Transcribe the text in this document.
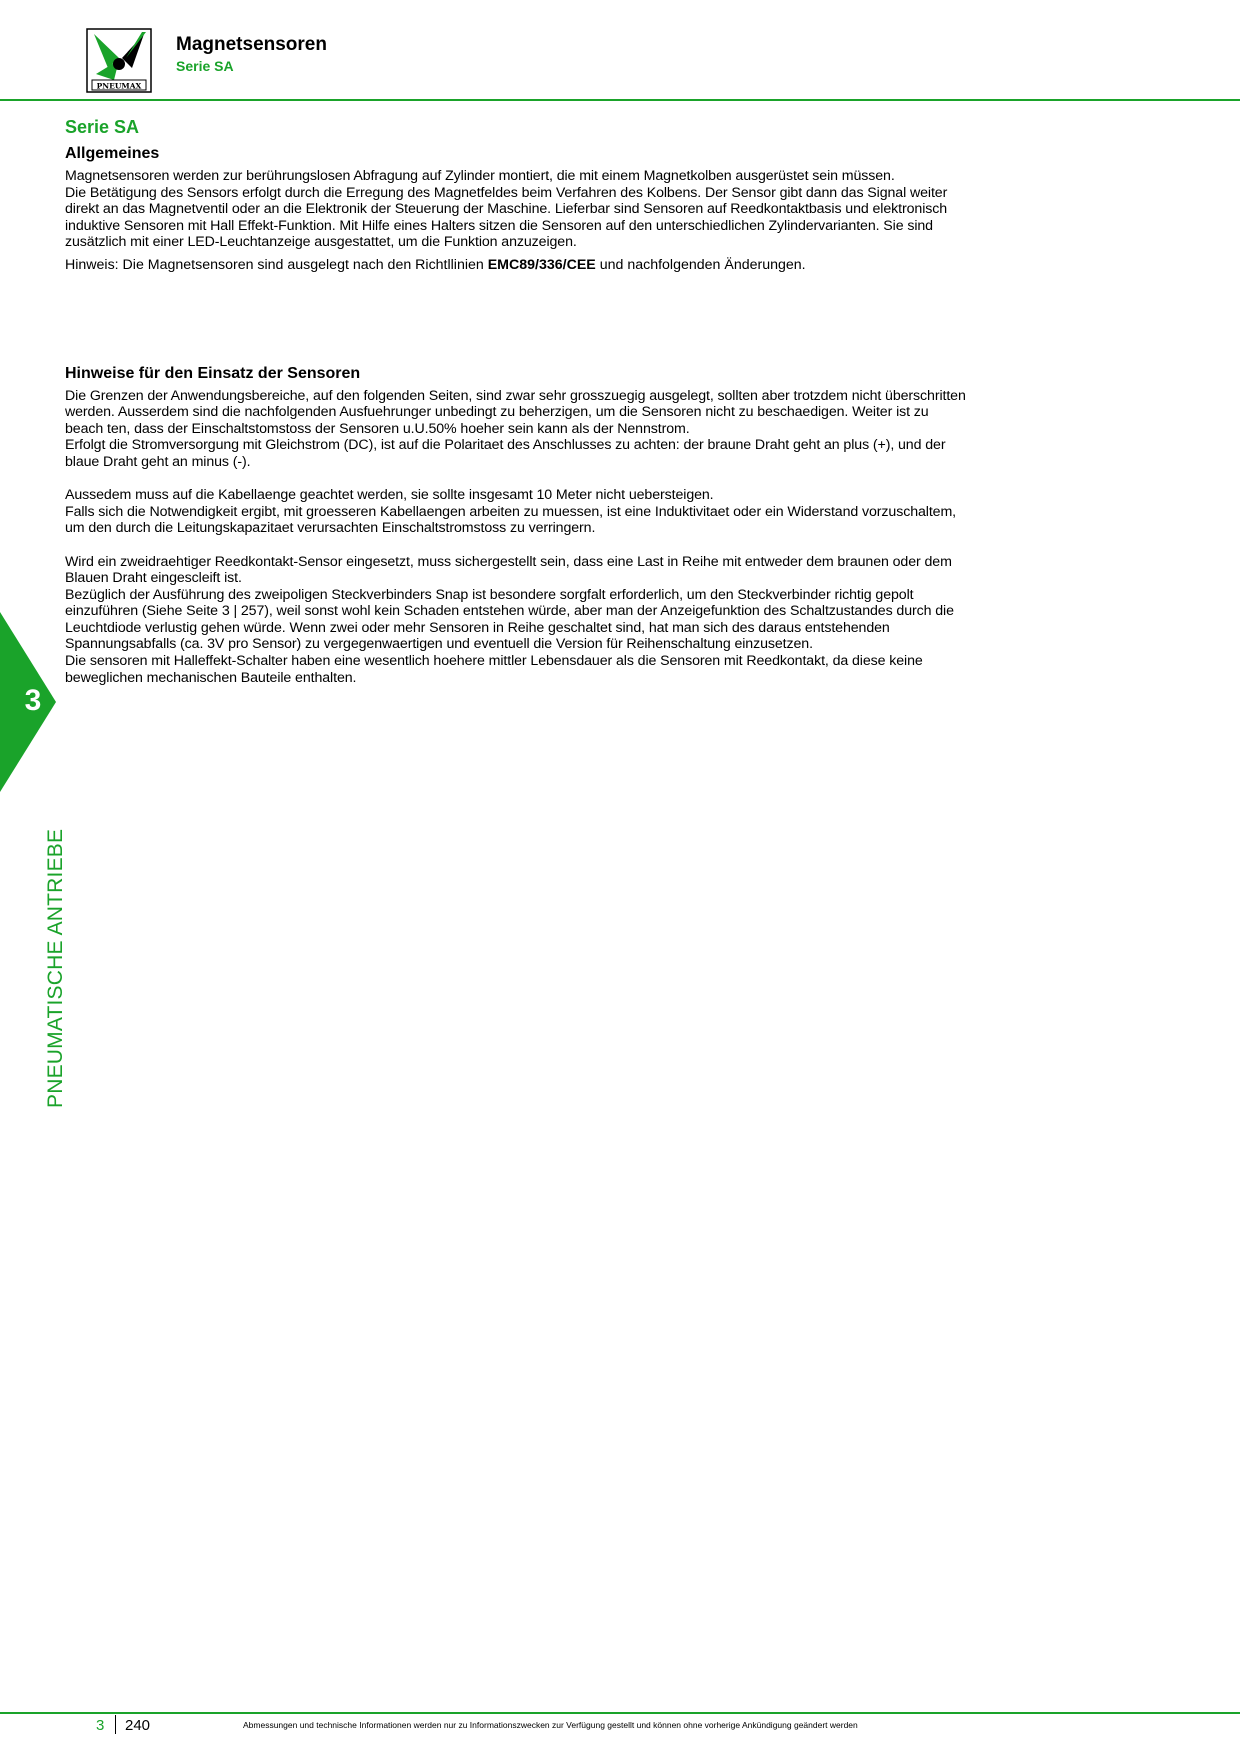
PNEUMAX
Magnetsensoren
Serie SA
Serie SA
Allgemeines

Magnetsensoren werden zur berührungslosen Abfragung auf Zylinder montiert, die mit einem Magnetkolben ausgerüstet sein müssen.
Die Betätigung des Sensors erfolgt durch die Erregung des Magnetfeldes beim Verfahren des Kolbens. Der Sensor gibt dann das Signal weiter
direkt an das Magnetventil oder an die Elektronik der Steuerung der Maschine. Lieferbar sind Sensoren auf Reedkontaktbasis und elektronisch
induktive Sensoren mit Hall Effekt-Funktion. Mit Hilfe eines Halters sitzen die Sensoren auf den unterschiedlichen Zylindervarianten. Sie sind
zusätzlich mit einer LED-Leuchtanzeige ausgestattet, um die Funktion anzuzeigen.

Hinweis: Die Magnetsensoren sind ausgelegt nach den Richtllinien EMC89/336/CEE und nachfolgenden Änderungen.

Hinweise für den Einsatz der Sensoren

Die Grenzen der Anwendungsbereiche, auf den folgenden Seiten, sind zwar sehr grosszuegig ausgelegt, sollten aber trotzdem nicht überschritten
werden. Ausserdem sind die nachfolgenden Ausfuehrunger unbedingt zu beherzigen, um die Sensoren nicht zu beschaedigen. Weiter ist zu
beach ten, dass der Einschaltstomstoss der Sensoren u.U.50% hoeher sein kann als der Nennstrom.
Erfolgt die Stromversorgung mit Gleichstrom (DC), ist auf die Polaritaet des Anschlusses zu achten: der braune Draht geht an plus (+), und der
blaue Draht geht an minus (-).

Aussedem muss auf die Kabellaenge geachtet werden, sie sollte insgesamt 10 Meter nicht uebersteigen.
Falls sich die Notwendigkeit ergibt, mit groesseren Kabellaengen arbeiten zu muessen, ist eine Induktivitaet oder ein Widerstand vorzuschaltem,
um den durch die Leitungskapazitaet verursachten Einschaltstromstoss zu verringern.

Wird ein zweidraehtiger Reedkontakt-Sensor eingesetzt, muss sichergestellt sein, dass eine Last in Reihe mit entweder dem braunen oder dem
Blauen Draht eingescleift ist.
Bezüglich der Ausführung des zweipoligen Steckverbinders Snap ist besondere sorgfalt erforderlich, um den Steckverbinder richtig gepolt
einzuführen (Siehe Seite 3 | 257), weil sonst wohl kein Schaden entstehen würde, aber man der Anzeigefunktion des Schaltzustandes durch die
Leuchtdiode verlustig gehen würde. Wenn zwei oder mehr Sensoren in Reihe geschaltet sind, hat man sich des daraus entstehenden
Spannungsabfalls (ca. 3V pro Sensor) zu vergegenwaertigen und eventuell die Version für Reihenschaltung einzusetzen.
Die sensoren mit Halleffekt-Schalter haben eine wesentlich hoehere mittler Lebensdauer als die Sensoren mit Reedkontakt, da diese keine
beweglichen mechanischen Bauteile enthalten.

3
PNEUMATISCHE ANTRIEBE
3 240	Abmessungen und technische Informationen werden nur zu Informationszwecken zur Verfügung gestellt und können ohne vorherige Ankündigung geändert werden
